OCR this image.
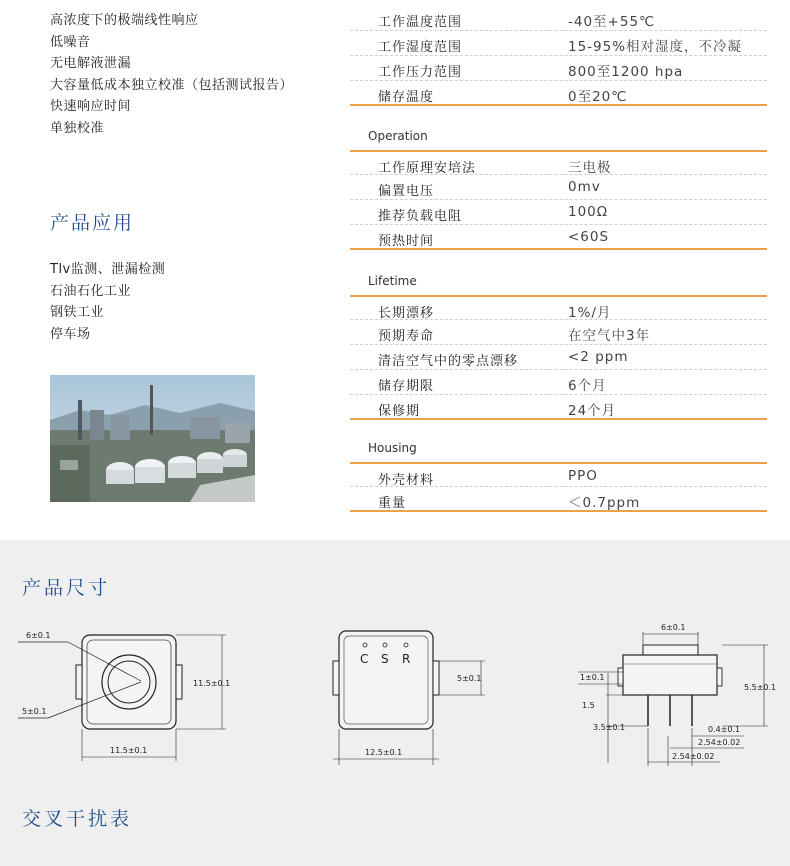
高浓度下的极端线性响应
低噪音
无电解液泄漏
大容量低成本独立校准（包括测试报告）
快速响应时间
单独校准
产品应用
Tlv监测、泄漏检测
石油石化工业
钢铁工业
停车场
工作温度范围	-40至+55℃
工作湿度范围	15-95%相对湿度，不冷凝
工作压力范围	800至1200 hpa
储存温度	0至20℃
Operation
工作原理安培法	三电极
偏置电压	0mv
推荐负载电阻	100Ω
预热时间	<60S
Lifetime
长期漂移	1%/月
预期寿命	在空气中3年
清洁空气中的零点漂移	<2 ppm
储存期限	6个月
保修期	24个月
Housing
外壳材料	PPO
重量	＜0.7ppm
产品尺寸
6±0.1
5±0.1
11.5±0.1
11.5±0.1
C S R
12.5±0.1
5±0.1
6±0.1
1±0.1
1.5
3.5±0.1
5.5±0.1
0.4±0.1
2.54±0.02
2.54±0.02
交叉干扰表
